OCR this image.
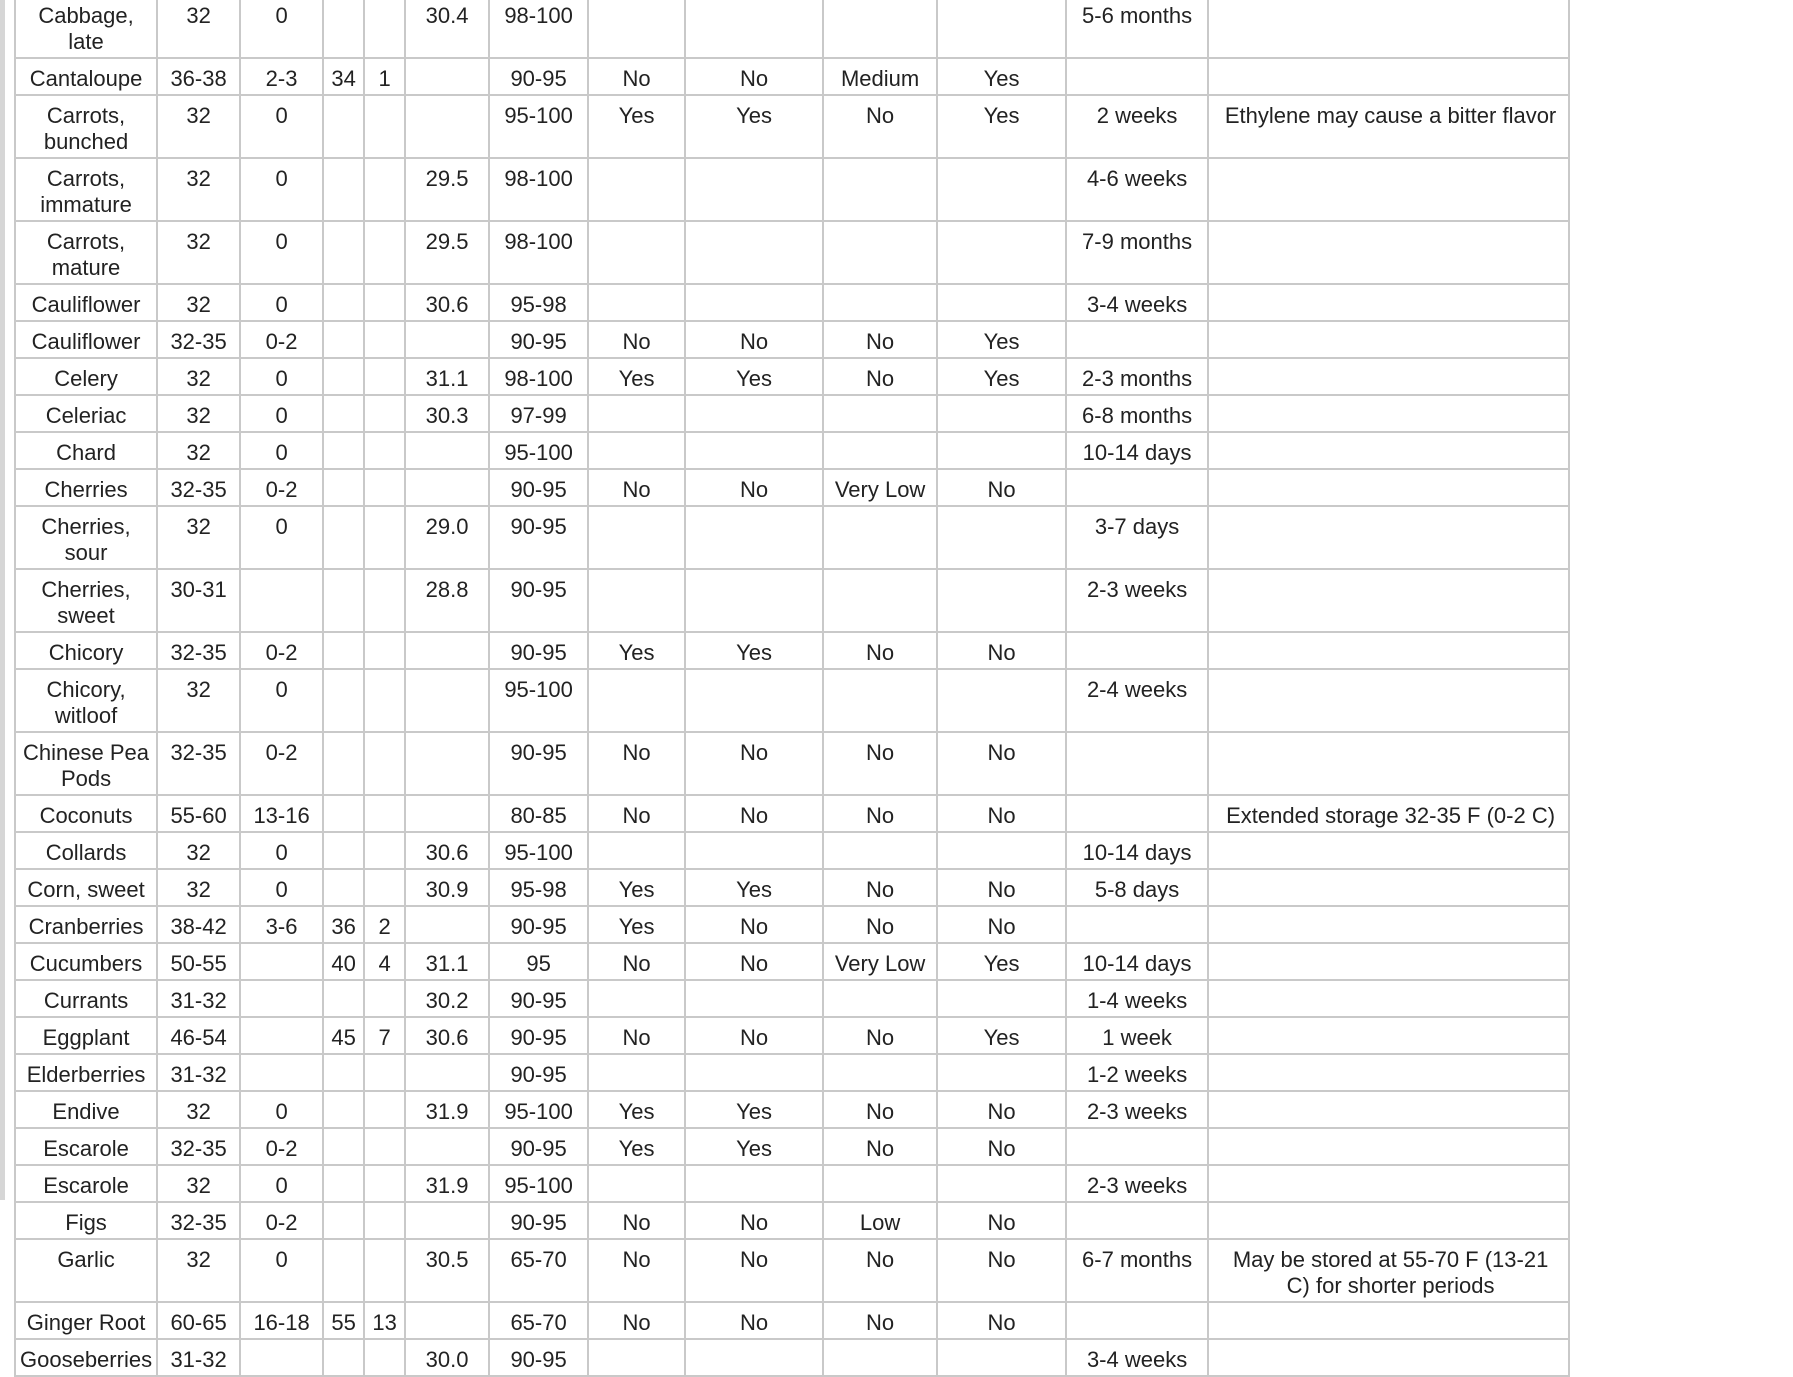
Cabbage, late	32	0			30.4	98-100					5-6 months	
Cantaloupe	36-38	2-3	34	1		90-95	No	No	Medium	Yes		
Carrots, bunched	32	0				95-100	Yes	Yes	No	Yes	2 weeks	Ethylene may cause a bitter flavor
Carrots, immature	32	0			29.5	98-100					4-6 weeks	
Carrots, mature	32	0			29.5	98-100					7-9 months	
Cauliflower	32	0			30.6	95-98					3-4 weeks	
Cauliflower	32-35	0-2				90-95	No	No	No	Yes		
Celery	32	0			31.1	98-100	Yes	Yes	No	Yes	2-3 months	
Celeriac	32	0			30.3	97-99					6-8 months	
Chard	32	0				95-100					10-14 days	
Cherries	32-35	0-2				90-95	No	No	Very Low	No		
Cherries, sour	32	0			29.0	90-95					3-7 days	
Cherries, sweet	30-31				28.8	90-95					2-3 weeks	
Chicory	32-35	0-2				90-95	Yes	Yes	No	No		
Chicory, witloof	32	0				95-100					2-4 weeks	
Chinese Pea Pods	32-35	0-2				90-95	No	No	No	No		
Coconuts	55-60	13-16				80-85	No	No	No	No		Extended storage 32-35 F (0-2 C)
Collards	32	0			30.6	95-100					10-14 days	
Corn, sweet	32	0			30.9	95-98	Yes	Yes	No	No	5-8 days	
Cranberries	38-42	3-6	36	2		90-95	Yes	No	No	No		
Cucumbers	50-55		40	4	31.1	95	No	No	Very Low	Yes	10-14 days	
Currants	31-32				30.2	90-95					1-4 weeks	
Eggplant	46-54		45	7	30.6	90-95	No	No	No	Yes	1 week	
Elderberries	31-32					90-95					1-2 weeks	
Endive	32	0			31.9	95-100	Yes	Yes	No	No	2-3 weeks	
Escarole	32-35	0-2				90-95	Yes	Yes	No	No		
Escarole	32	0			31.9	95-100					2-3 weeks	
Figs	32-35	0-2				90-95	No	No	Low	No		
Garlic	32	0			30.5	65-70	No	No	No	No	6-7 months	May be stored at 55-70 F (13-21 C) for shorter periods
Ginger Root	60-65	16-18	55	13		65-70	No	No	No	No		
Gooseberries	31-32				30.0	90-95					3-4 weeks	
